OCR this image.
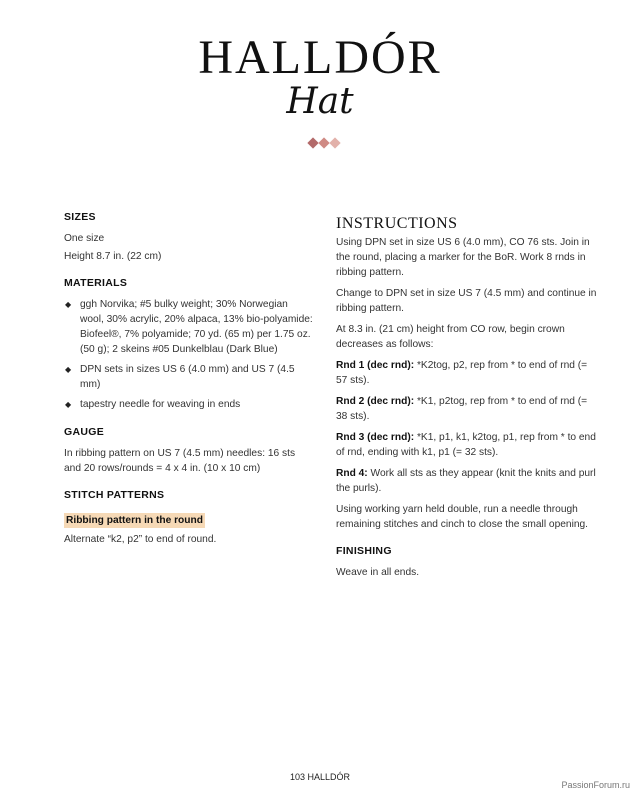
HALLDÓR
Hat
SIZES

One size

Height 8.7 in. (22 cm)

MATERIALS
◆ ggh Norvika; #5 bulky weight; 30% Norwegian wool, 30% acrylic, 20% alpaca, 13% bio-polyamide: Biofeel®, 7% polyamide; 70 yd. (65 m) per 1.75 oz. (50 g); 2 skeins #05 Dunkelblau (Dark Blue)
◆ DPN sets in sizes US 6 (4.0 mm) and US 7 (4.5 mm)
◆ tapestry needle for weaving in ends
GAUGE

In ribbing pattern on US 7 (4.5 mm) needles: 16 sts and 20 rows/rounds = 4 x 4 in. (10 x 10 cm)

STITCH PATTERNS
Ribbing pattern in the round

Alternate “k2, p2” to end of round.

INSTRUCTIONS

Using DPN set in size US 6 (4.0 mm), CO 76 sts. Join in the round, placing a marker for the BoR. Work 8 rnds in ribbing pattern.

Change to DPN set in size US 7 (4.5 mm) and continue in ribbing pattern.

At 8.3 in. (21 cm) height from CO row, begin crown decreases as follows:

Rnd 1 (dec rnd): *K2tog, p2, rep from * to end of rnd (= 57 sts).

Rnd 2 (dec rnd): *K1, p2tog, rep from * to end of rnd (= 38 sts).

Rnd 3 (dec rnd): *K1, p1, k1, k2tog, p1, rep from * to end of rnd, ending with k1, p1 (= 32 sts).

Rnd 4: Work all sts as they appear (knit the knits and purl the purls).

Using working yarn held double, run a needle through remaining stitches and cinch to close the small opening.

FINISHING

Weave in all ends.

103 HALLDÓR
PassionForum.ru
